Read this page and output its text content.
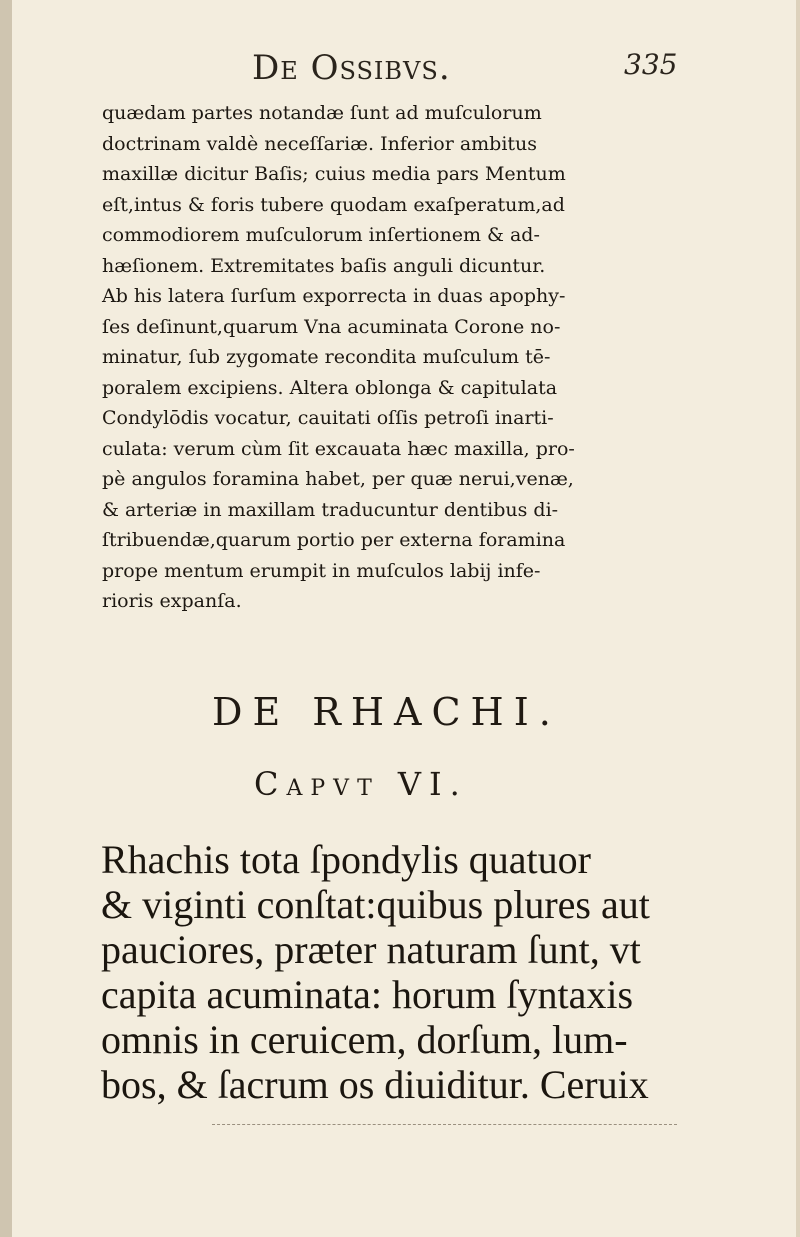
De Ossibvs.	335
quædam partes notandæ ſunt ad muſculorum
doctrinam valdè neceſſariæ. Inferior ambitus
maxillæ dicitur Baſis; cuius media pars Mentum
eſt,intus & foris tubere quodam exaſperatum,ad
commodiorem muſculorum inſertionem & ad-
hæſionem. Extremitates baſis anguli dicuntur.
Ab his latera ſurſum exporrecta in duas apophy-
ſes deſinunt,quarum Vna acuminata Corone no-
minatur, ſub zygomate recondita muſculum tē-
poralem excipiens. Altera oblonga & capitulata
Condylōdis vocatur, cauitati oſſis petroſi inarti-
culata: verum cùm ſit excauata hæc maxilla, pro-
pè angulos foramina habet, per quæ nerui,venæ,
& arteriæ in maxillam traducuntur dentibus di-
ſtribuendæ,quarum portio per externa foramina
prope mentum erumpit in muſculos labij infe-
rioris expanſa.
DE RHACHI.
Capvt VI.
Rhachis tota ſpondylis quatuor
& viginti conſtat:quibus plures aut
pauciores, præter naturam ſunt, vt
capita acuminata: horum ſyntaxis
omnis in ceruicem, dorſum, lum-
bos, & ſacrum os diuiditur. Ceruix
